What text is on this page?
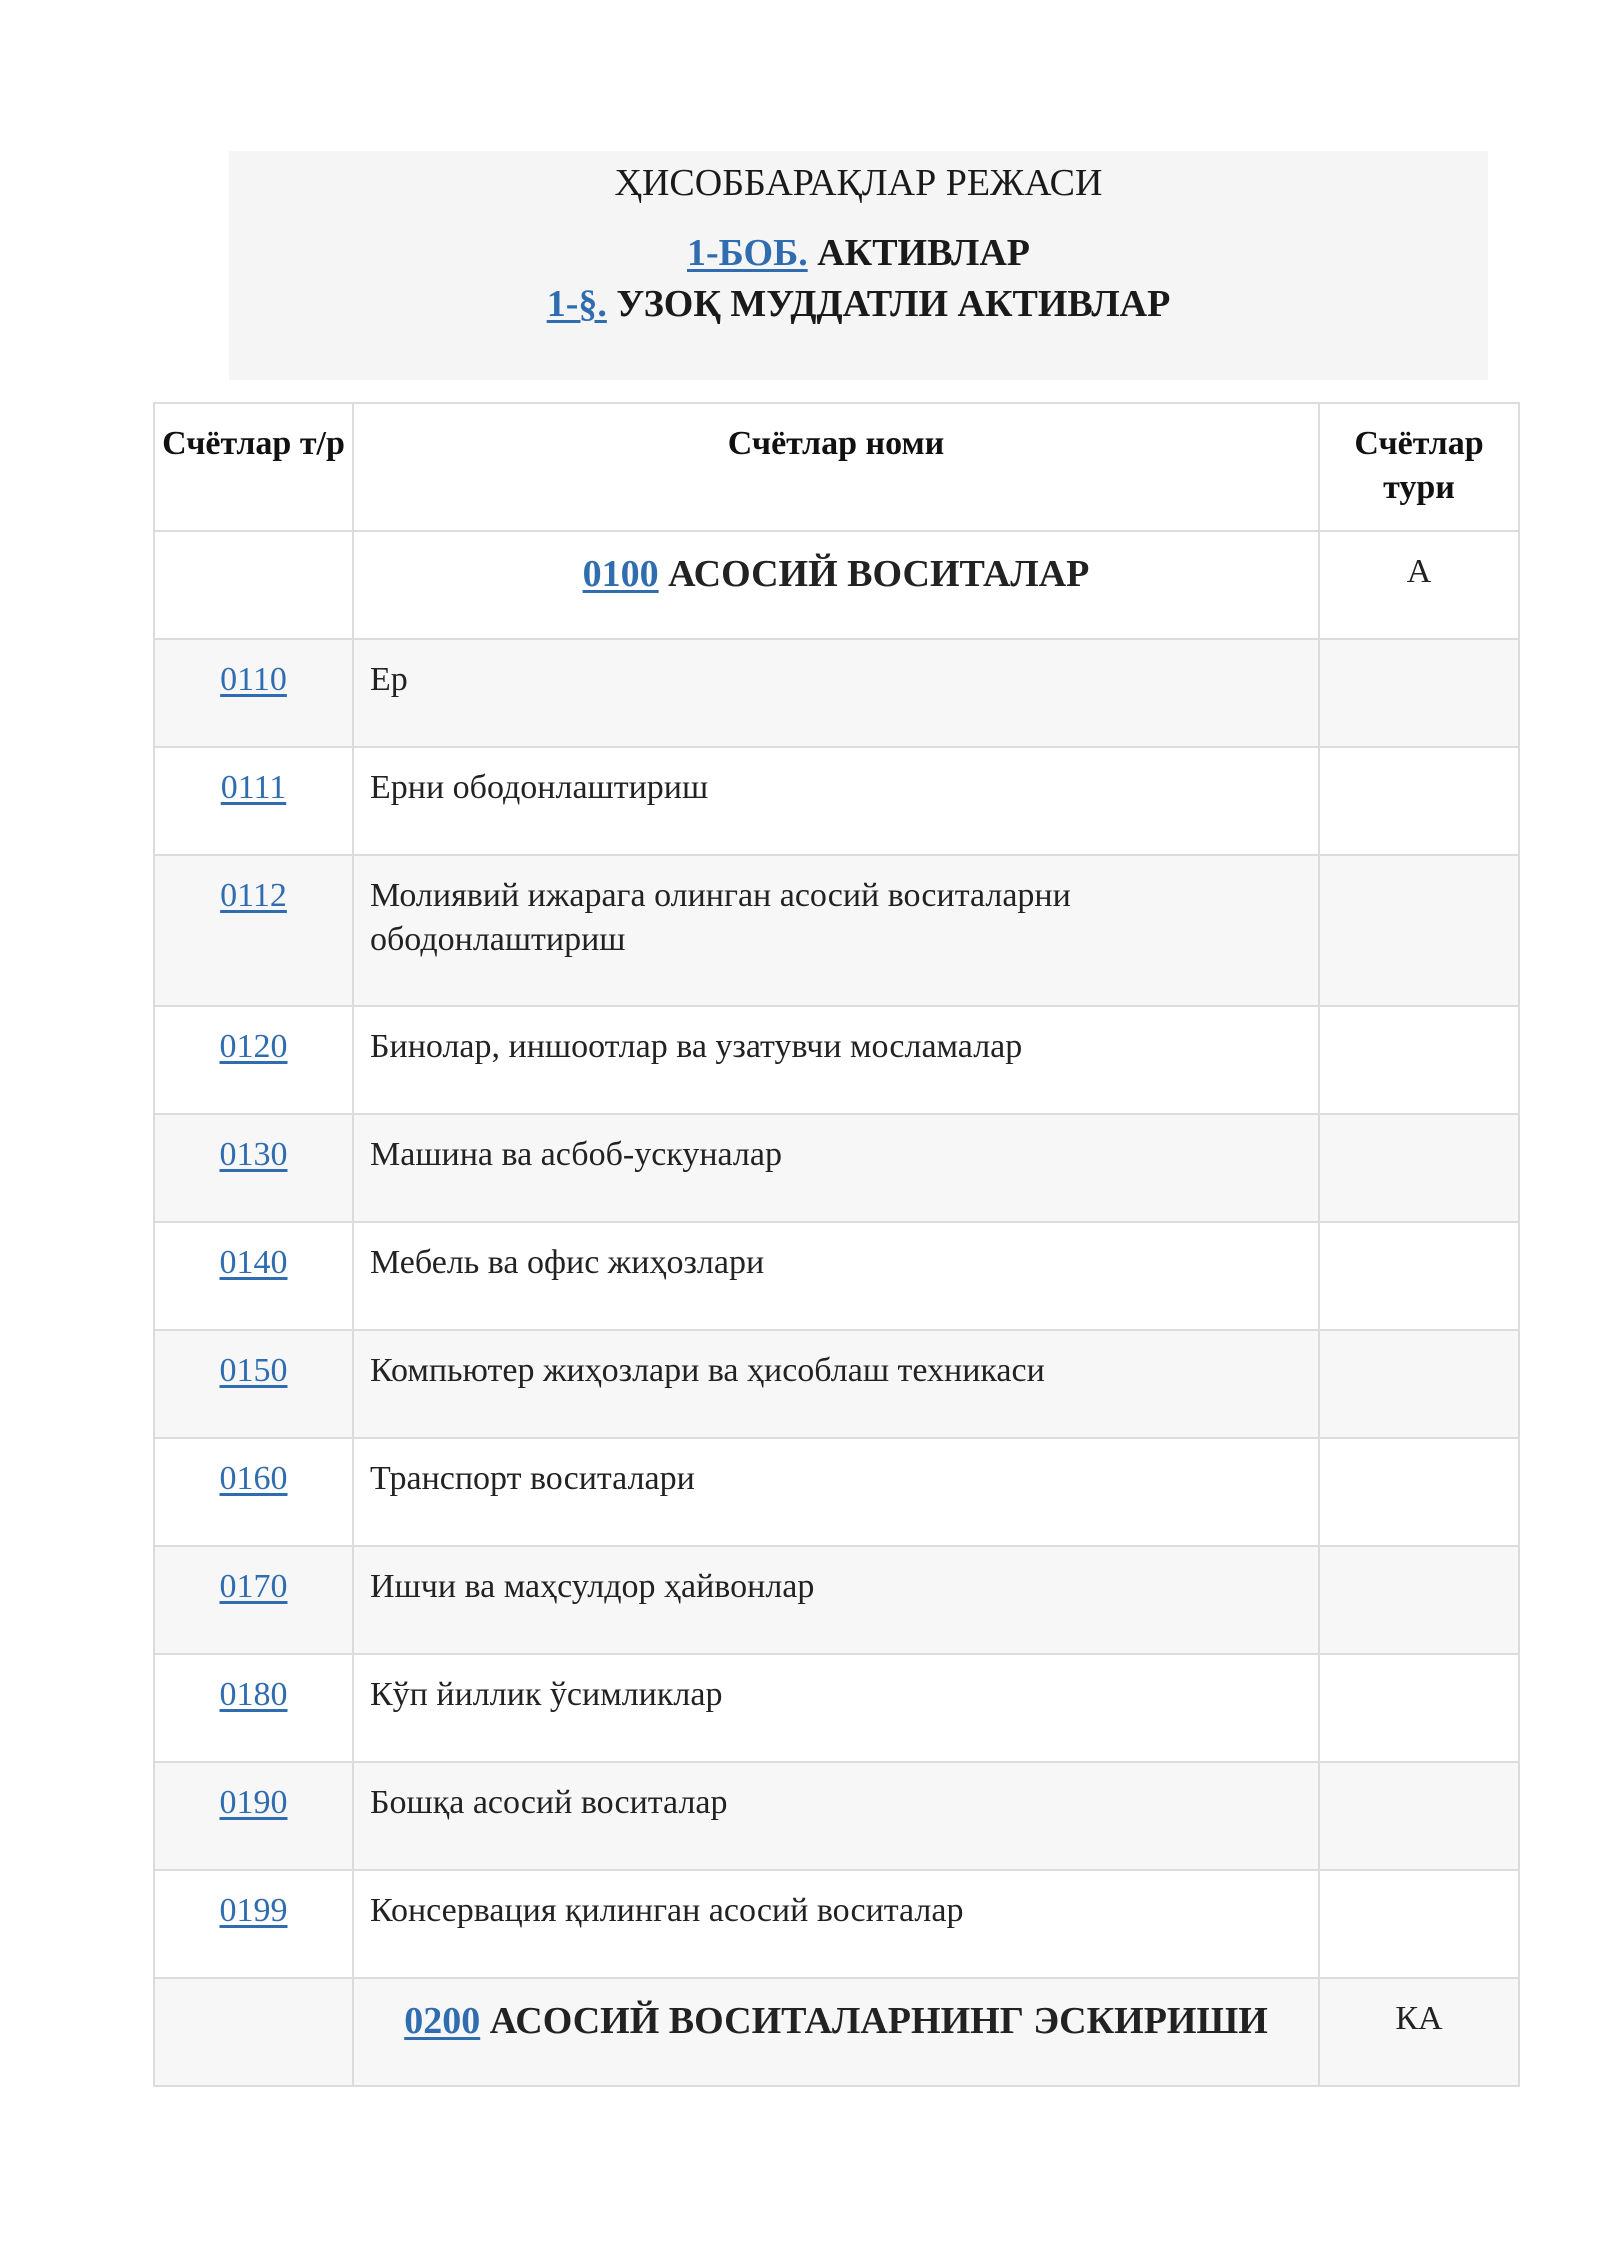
ҲИСОББАРАҚЛАР РЕЖАСИ
1-БОБ. АКТИВЛАР
1-§. УЗОҚ МУДДАТЛИ АКТИВЛАР
Счётлар т/р	Счётлар номи	Счётлар тури
	0100 АСОСИЙ ВОСИТАЛАР	А
0110	Ер	
0111	Ерни ободонлаштириш	
0112	Молиявий ижарага олинган асосий воситаларни ободонлаштириш	
0120	Бинолар, иншоотлар ва узатувчи мосламалар	
0130	Машина ва асбоб-ускуналар	
0140	Мебель ва офис жиҳозлари	
0150	Компьютер жиҳозлари ва ҳисоблаш техникаси	
0160	Транспорт воситалари	
0170	Ишчи ва маҳсулдор ҳайвонлар	
0180	Кўп йиллик ўсимликлар	
0190	Бошқа асосий воситалар	
0199	Консервация қилинган асосий воситалар	
	0200 АСОСИЙ ВОСИТАЛАРНИНГ ЭСКИРИШИ	КА
